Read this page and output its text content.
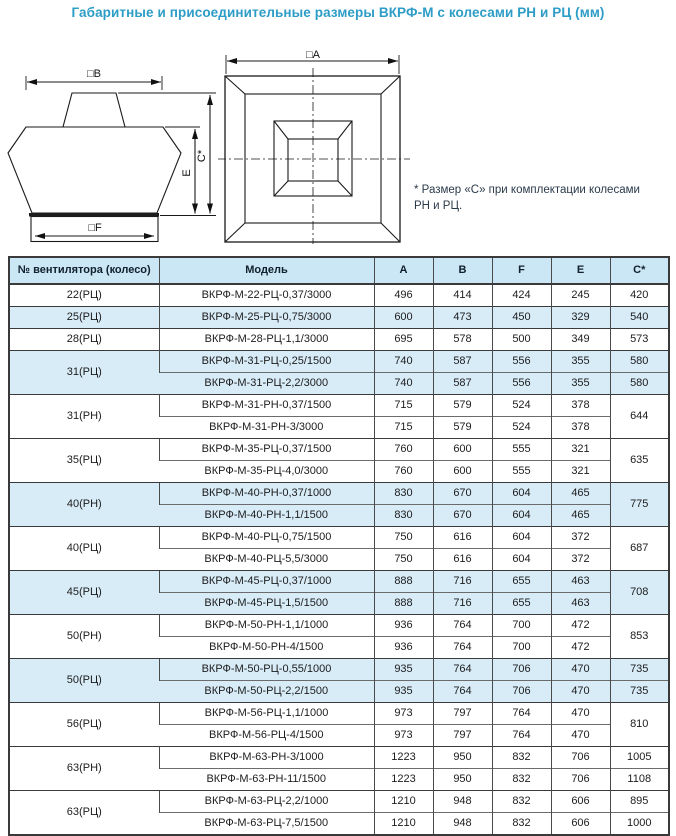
Габаритные и присоединительные размеры ВКРФ-М с колесами РН и РЦ (мм)
□B
□F
E
C*
□A
* Размер «С» при комплектации колесами
РН и РЦ.
№ вентилятора (колесо)	Модель	A	B	F	E	C*
22(РЦ)	ВКРФ-М-22-РЦ-0,37/3000	496	414	424	245	420
25(РЦ)	ВКРФ-М-25-РЦ-0,75/3000	600	473	450	329	540
28(РЦ)	ВКРФ-М-28-РЦ-1,1/3000	695	578	500	349	573
31(РЦ)	ВКРФ-М-31-РЦ-0,25/1500	740	587	556	355	580
	ВКРФ-М-31-РЦ-2,2/3000	740	587	556	355	580
31(РН)	ВКРФ-М-31-РН-0,37/1500	715	579	524	378	644
	ВКРФ-М-31-РН-3/3000	715	579	524	378	
35(РЦ)	ВКРФ-М-35-РЦ-0,37/1500	760	600	555	321	635
	ВКРФ-М-35-РЦ-4,0/3000	760	600	555	321	
40(РН)	ВКРФ-М-40-РН-0,37/1000	830	670	604	465	775
	ВКРФ-М-40-РН-1,1/1500	830	670	604	465	
40(РЦ)	ВКРФ-М-40-РЦ-0,75/1500	750	616	604	372	687
	ВКРФ-М-40-РЦ-5,5/3000	750	616	604	372	
45(РЦ)	ВКРФ-М-45-РЦ-0,37/1000	888	716	655	463	708
	ВКРФ-М-45-РЦ-1,5/1500	888	716	655	463	
50(РН)	ВКРФ-М-50-РН-1,1/1000	936	764	700	472	853
	ВКРФ-М-50-РН-4/1500	936	764	700	472	
50(РЦ)	ВКРФ-М-50-РЦ-0,55/1000	935	764	706	470	735
	ВКРФ-М-50-РЦ-2,2/1500	935	764	706	470	735
56(РЦ)	ВКРФ-М-56-РЦ-1,1/1000	973	797	764	470	810
	ВКРФ-М-56-РЦ-4/1500	973	797	764	470	
63(РН)	ВКРФ-М-63-РН-3/1000	1223	950	832	706	1005
	ВКРФ-М-63-РН-11/1500	1223	950	832	706	1108
63(РЦ)	ВКРФ-М-63-РЦ-2,2/1000	1210	948	832	606	895
	ВКРФ-М-63-РЦ-7,5/1500	1210	948	832	606	1000
